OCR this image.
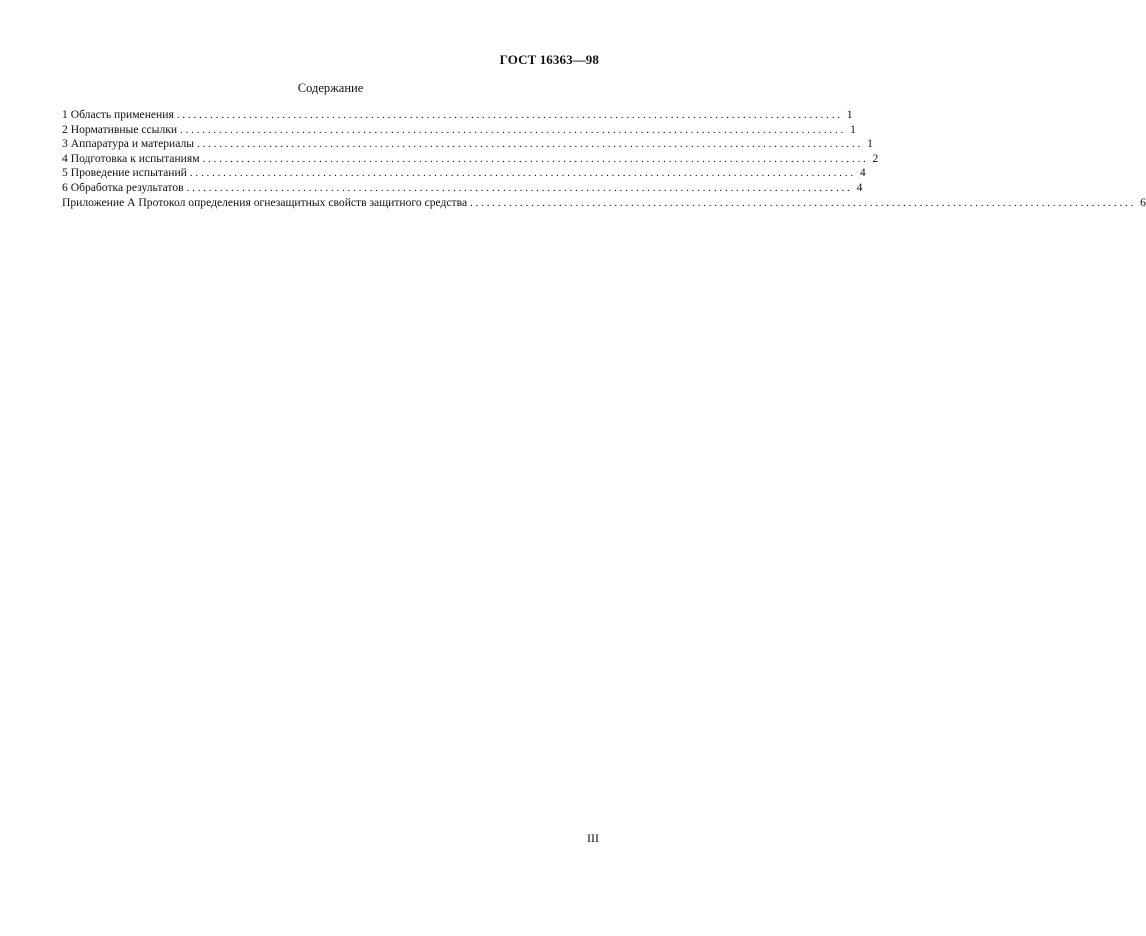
ГОСТ 16363—98
Содержание
1 Область применения ........................................................................................................................ 1
2 Нормативные ссылки ........................................................................................................................ 1
3 Аппаратура и материалы ........................................................................................................................ 1
4 Подготовка к испытаниям ........................................................................................................................ 2
5 Проведение испытаний ........................................................................................................................ 4
6 Обработка результатов ........................................................................................................................ 4
Приложение А Протокол определения огнезащитных свойств защитного средства ........................................................................................................................ 6
III
